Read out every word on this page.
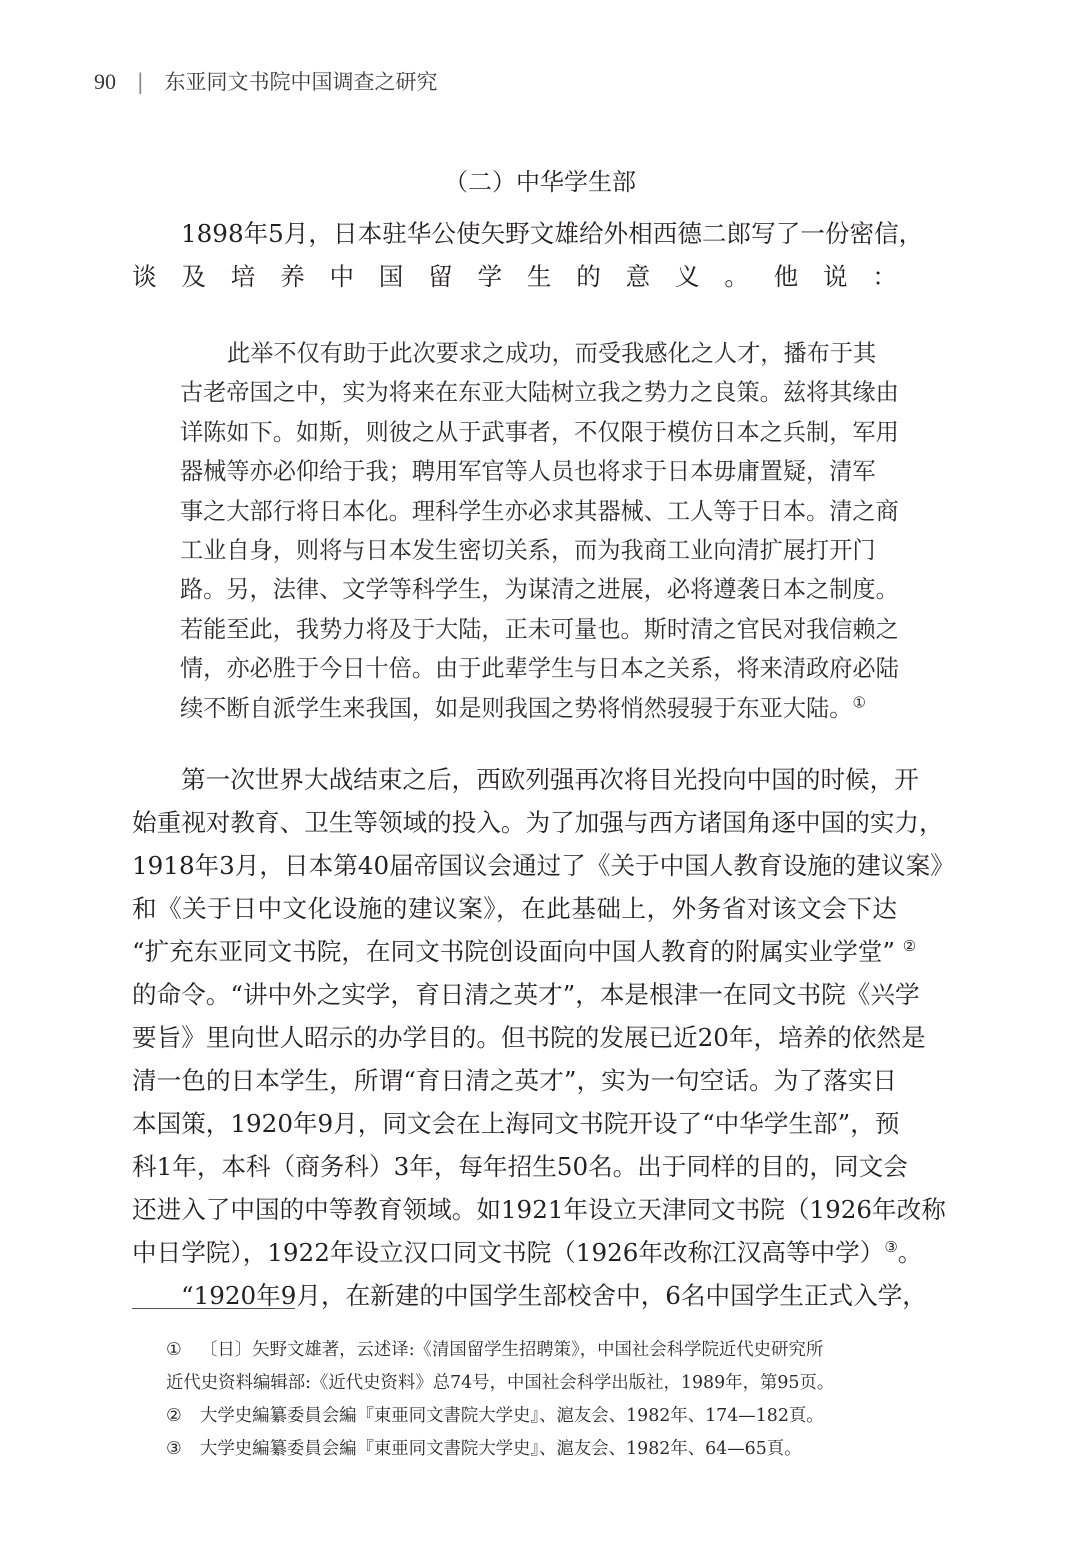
90 | 东亚同文书院中国调查之研究
（二）中华学生部
1898年5月，日本驻华公使矢野文雄给外相西德二郎写了一份密信，
谈及培养中国留学生的意义。他说：
此举不仅有助于此次要求之成功，而受我感化之人才，播布于其
古老帝国之中，实为将来在东亚大陆树立我之势力之良策。兹将其缘由
详陈如下。如斯，则彼之从于武事者，不仅限于模仿日本之兵制，军用
器械等亦必仰给于我；聘用军官等人员也将求于日本毋庸置疑，清军
事之大部行将日本化。理科学生亦必求其器械、工人等于日本。清之商
工业自身，则将与日本发生密切关系，而为我商工业向清扩展打开门
路。另，法律、文学等科学生，为谋清之进展，必将遵袭日本之制度。
若能至此，我势力将及于大陆，正未可量也。斯时清之官民对我信赖之
情，亦必胜于今日十倍。由于此辈学生与日本之关系，将来清政府必陆
续不断自派学生来我国，如是则我国之势将悄然骎骎于东亚大陆。①
第一次世界大战结束之后，西欧列强再次将目光投向中国的时候，开
始重视对教育、卫生等领域的投入。为了加强与西方诸国角逐中国的实力，
1918年3月，日本第40届帝国议会通过了《关于中国人教育设施的建议案》
和《关于日中文化设施的建议案》，在此基础上，外务省对该文会下达
“扩充东亚同文书院，在同文书院创设面向中国人教育的附属实业学堂” ②
的命令。“讲中外之实学，育日清之英才”，本是根津一在同文书院《兴学
要旨》里向世人昭示的办学目的。但书院的发展已近20年，培养的依然是
清一色的日本学生，所谓“育日清之英才”，实为一句空话。为了落实日
本国策，1920年9月，同文会在上海同文书院开设了“中华学生部”，预
科1年，本科（商务科）3年，每年招生50名。出于同样的目的，同文会
还进入了中国的中等教育领域。如1921年设立天津同文书院（1926年改称
中日学院），1922年设立汉口同文书院（1926年改称江汉高等中学）③。
“1920年9月，在新建的中国学生部校舍中，6名中国学生正式入学，
① 〔日〕矢野文雄著，云述译:《清国留学生招聘策》，中国社会科学院近代史研究所
近代史资料编辑部:《近代史资料》总74号，中国社会科学出版社，1989年，第95页。
② 大学史編纂委員会編『東亜同文書院大学史』、滬友会、1982年、174—182頁。
③ 大学史編纂委員会編『東亜同文書院大学史』、滬友会、1982年、64—65頁。
